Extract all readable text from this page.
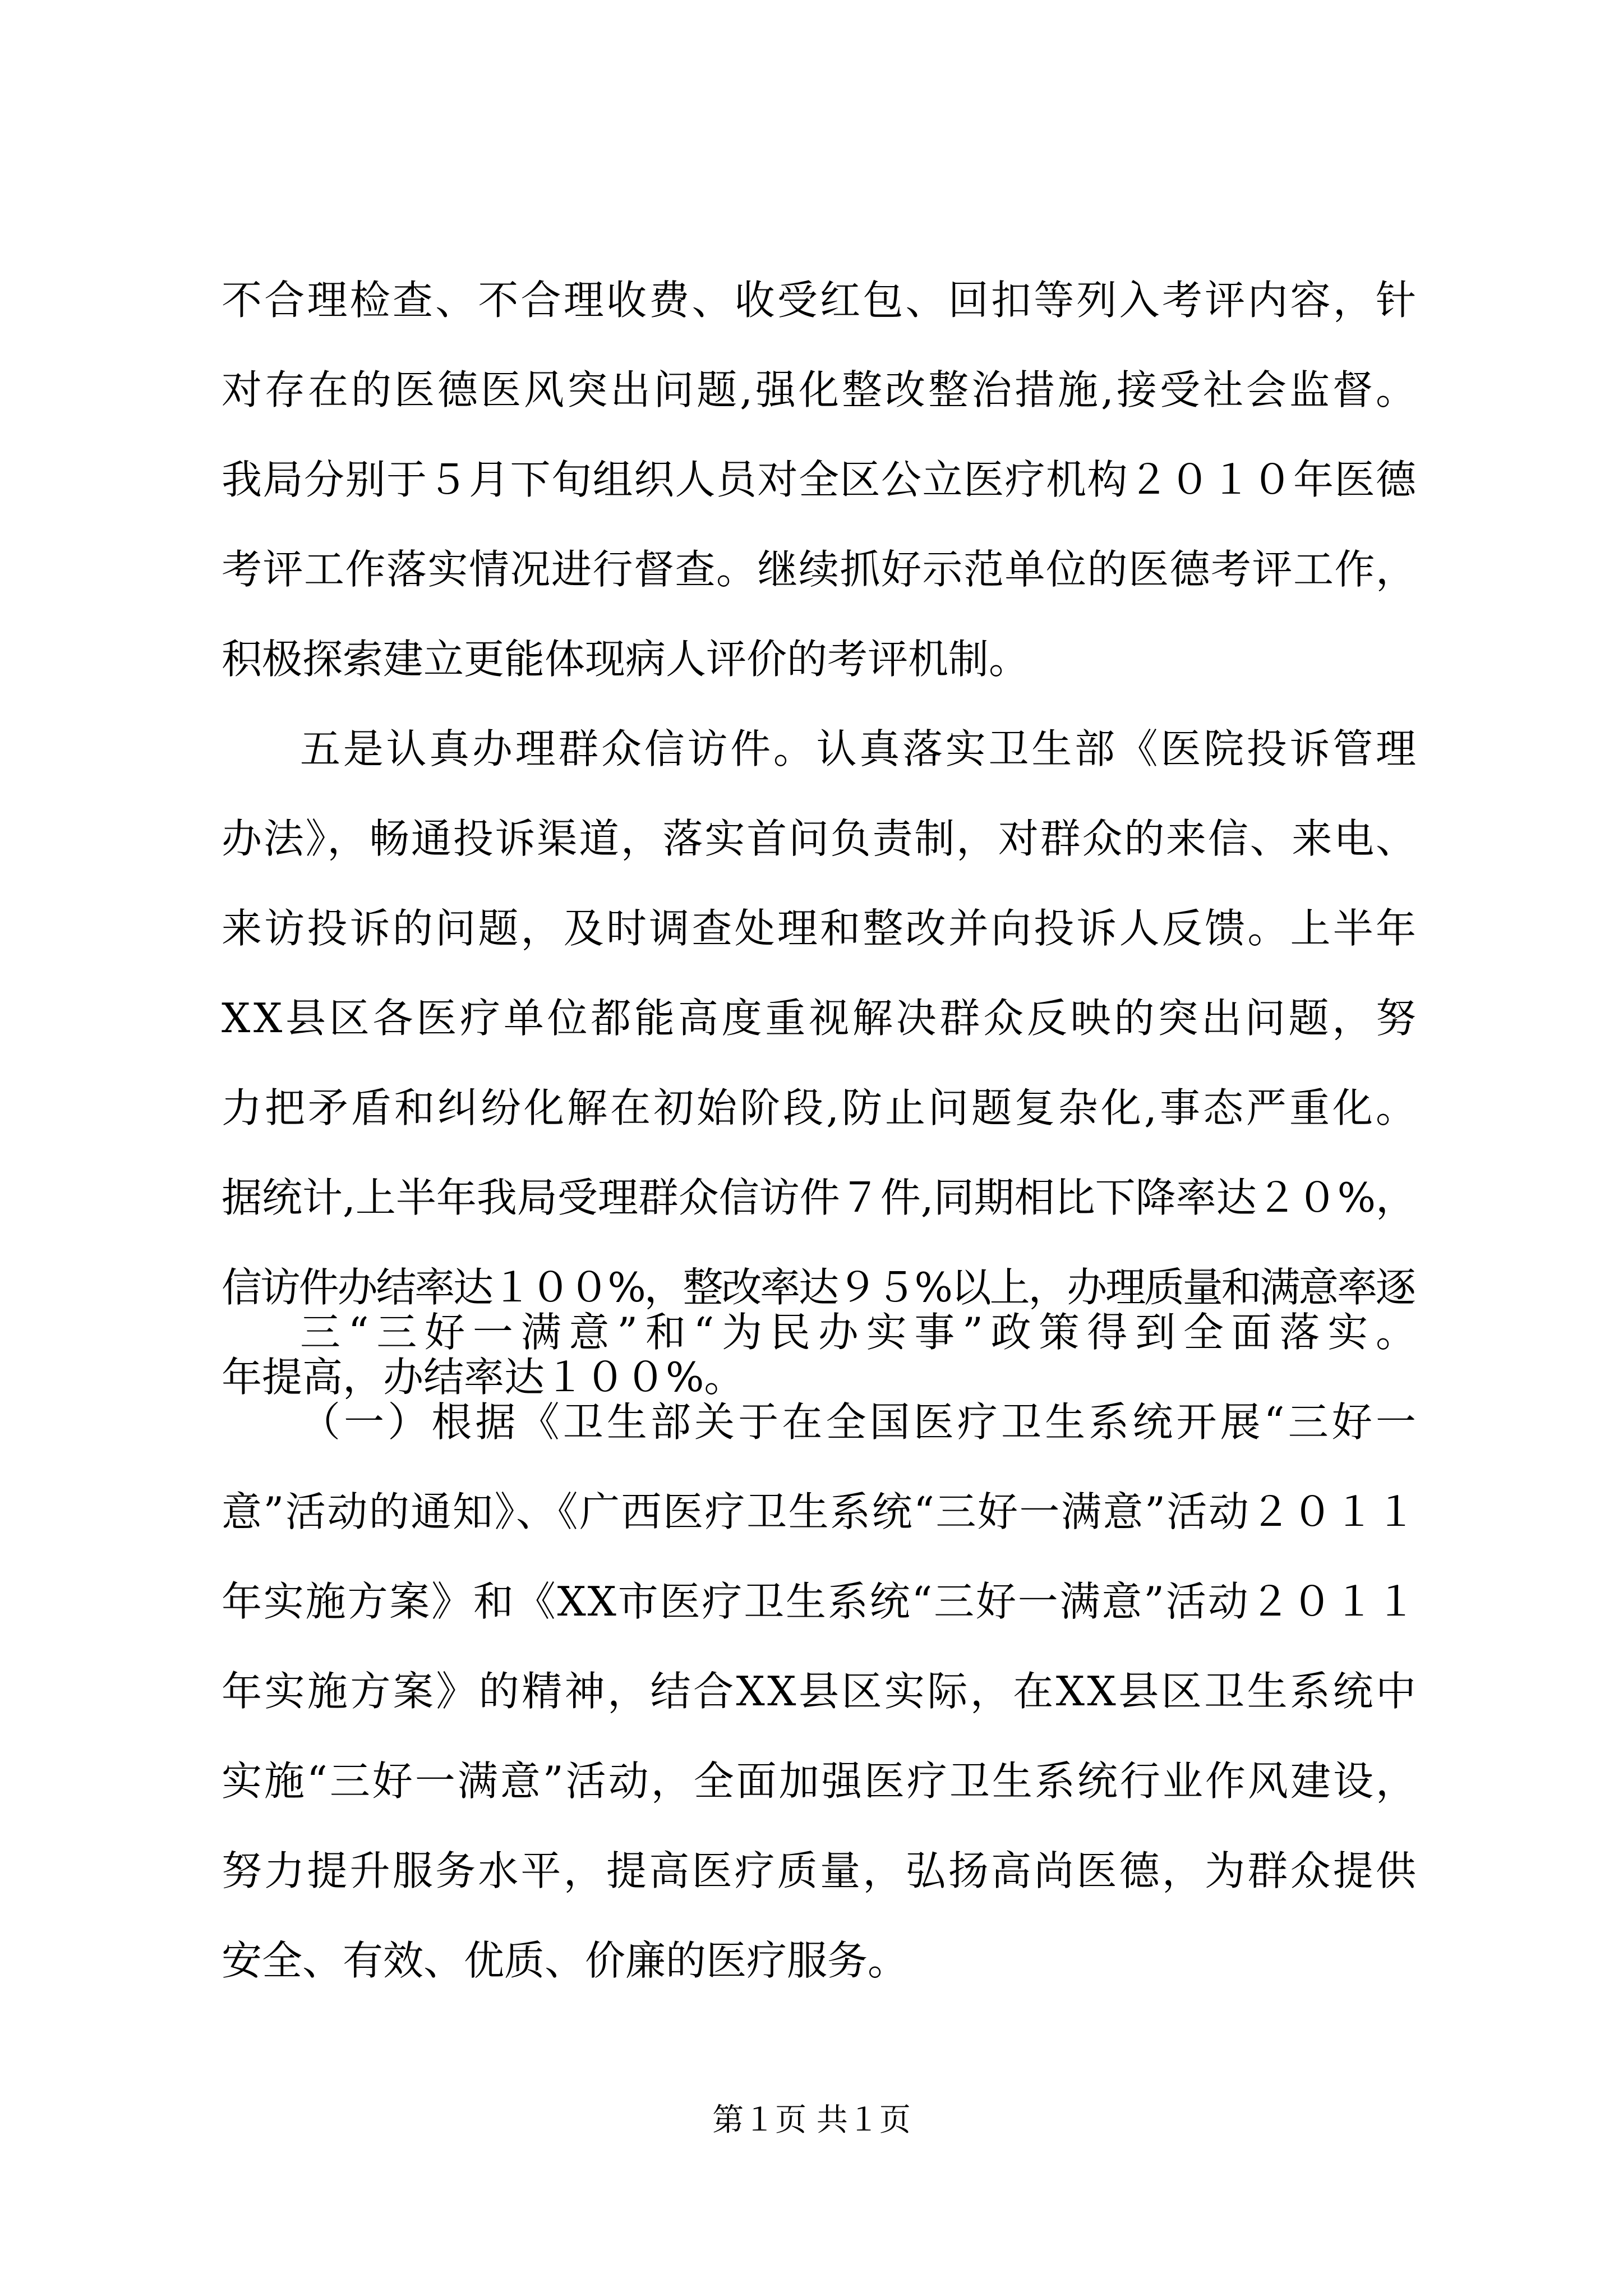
不合理检查、不合理收费、收受红包、回扣等列入考评内容，针
对存在的医德医风突出问题,强化整改整治措施,接受社会监督。
我局分别于５月下旬组织人员对全区公立医疗机构２０１０年医德
考评工作落实情况进行督查。继续抓好示范单位的医德考评工作，
积极探索建立更能体现病人评价的考评机制。
五是认真办理群众信访件。认真落实卫生部《医院投诉管理
办法》，畅通投诉渠道，落实首问负责制，对群众的来信、来电、
来访投诉的问题，及时调查处理和整改并向投诉人反馈。上半年
XX县区各医疗单位都能高度重视解决群众反映的突出问题，努
力把矛盾和纠纷化解在初始阶段,防止问题复杂化,事态严重化。
据统计,上半年我局受理群众信访件７件,同期相比下降率达２０%，
信访件办结率达１００%，整改率达９５%以上，办理质量和满意率逐
年提高，办结率达１００%。
三“三好一满意”和“为民办实事”政策得到全面落实。
（一）根据《卫生部关于在全国医疗卫生系统开展“三好一
意”活动的通知》、《广西医疗卫生系统“三好一满意”活动２０１１
年实施方案》和《XX市医疗卫生系统“三好一满意”活动２０１１
年实施方案》的精神，结合XX县区实际，在XX县区卫生系统中
实施“三好一满意”活动，全面加强医疗卫生系统行业作风建设，
努力提升服务水平，提高医疗质量，弘扬高尚医德，为群众提供
安全、有效、优质、价廉的医疗服务。
第１页 共１页
